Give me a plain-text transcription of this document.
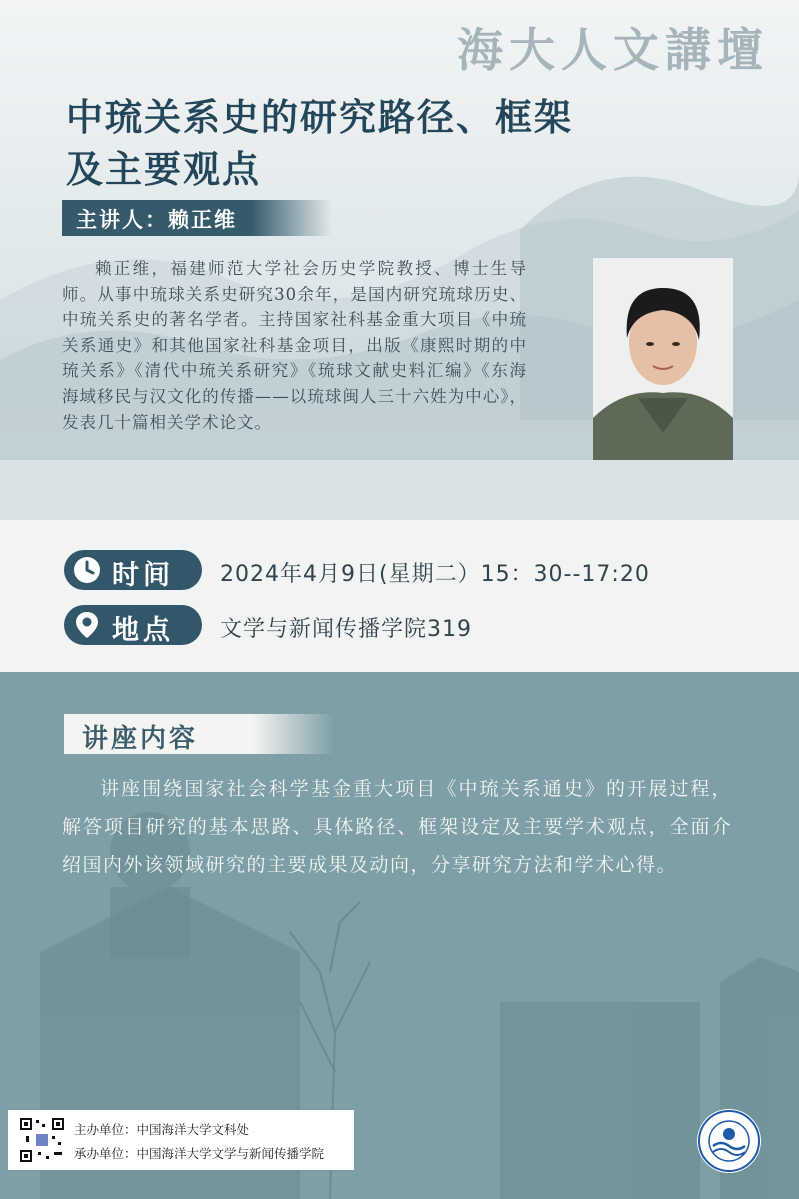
海大人文講壇
中琉关系史的研究路径、框架
及主要观点
主讲人：赖正维
赖正维，福建师范大学社会历史学院教授、博士生导师。从事中琉球关系史研究30余年，是国内研究琉球历史、中琉关系史的著名学者。主持国家社科基金重大项目《中琉关系通史》和其他国家社科基金项目，出版《康熙时期的中琉关系》《清代中琉关系研究》《琉球文献史料汇编》《东海海域移民与汉文化的传播——以琉球闽人三十六姓为中心》，发表几十篇相关学术论文。
时间 2024年4月9日(星期二）15：30--17:20
地点 文学与新闻传播学院319
讲座内容
讲座围绕国家社会科学基金重大项目《中琉关系通史》的开展过程，解答项目研究的基本思路、具体路径、框架设定及主要学术观点，全面介绍国内外该领域研究的主要成果及动向，分享研究方法和学术心得。
主办单位：中国海洋大学文科处
承办单位：中国海洋大学文学与新闻传播学院
